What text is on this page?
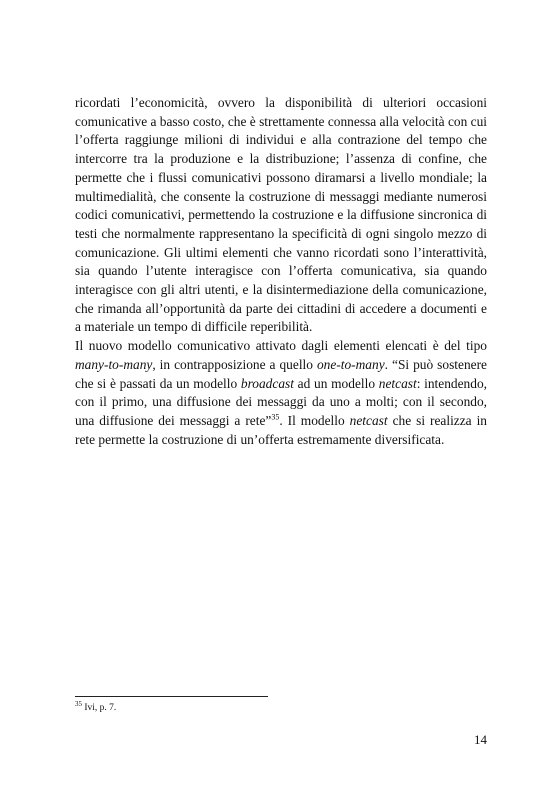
ricordati l’economicità, ovvero la disponibilità di ulteriori occasioni comunicative a basso costo, che è strettamente connessa alla velocità con cui l’offerta raggiunge milioni di individui e alla contrazione del tempo che intercorre tra la produzione e la distribuzione; l’assenza di confine, che permette che i flussi comunicativi possono diramarsi a livello mondiale; la multimedialità, che consente la costruzione di messaggi mediante numerosi codici comunicativi, permettendo la costruzione e la diffusione sincronica di testi che normalmente rappresentano la specificità di ogni singolo mezzo di comunicazione. Gli ultimi elementi che vanno ricordati sono l’interattività, sia quando l’utente interagisce con l’offerta comunicativa, sia quando interagisce con gli altri utenti, e la disintermediazione della comunicazione, che rimanda all’opportunità da parte dei cittadini di accedere a documenti e a materiale un tempo di difficile reperibilità.

Il nuovo modello comunicativo attivato dagli elementi elencati è del tipo many-to-many, in contrapposizione a quello one-to-many. “Si può sostenere che si è passati da un modello broadcast ad un modello netcast: intendendo, con il primo, una diffusione dei messaggi da uno a molti; con il secondo, una diffusione dei messaggi a rete”$^{35}$. Il modello netcast che si realizza in rete permette la costruzione di un’offerta estremamente diversificata.

$^{35}$ Ivi, p. 7.
14
